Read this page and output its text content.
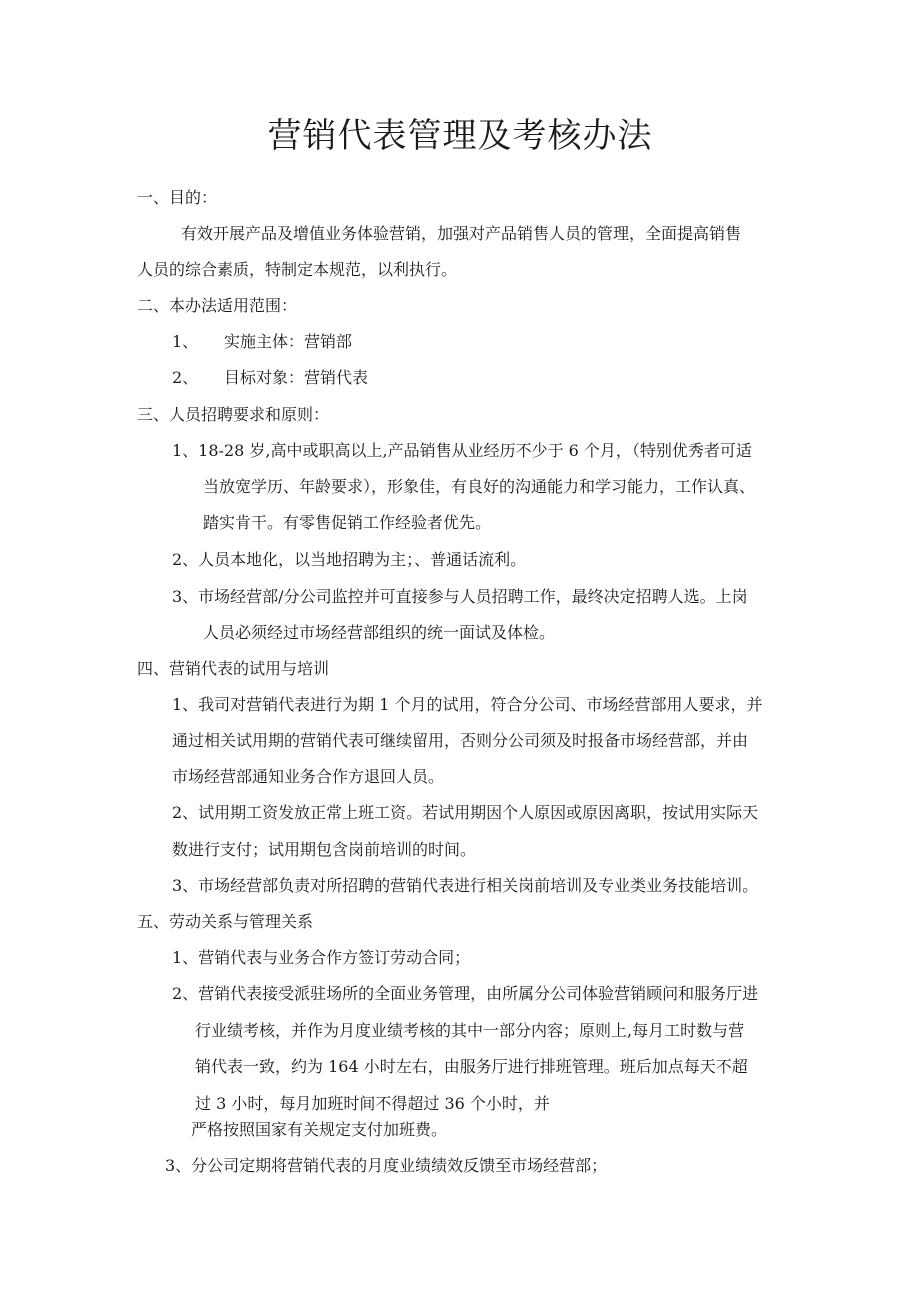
营销代表管理及考核办法
一、目的：
有效开展产品及增值业务体验营销，加强对产品销售人员的管理，全面提高销售
人员的综合素质，特制定本规范，以利执行。
二、本办法适用范围：
1、 实施主体：营销部
2、 目标对象：营销代表
三、人员招聘要求和原则：
1、18-28 岁,高中或职高以上,产品销售从业经历不少于 6 个月，（特别优秀者可适
当放宽学历、年龄要求），形象佳，有良好的沟通能力和学习能力，工作认真、
踏实肯干。有零售促销工作经验者优先。
2、人员本地化，以当地招聘为主；、普通话流利。
3、市场经营部/分公司监控并可直接参与人员招聘工作，最终决定招聘人选。上岗
人员必须经过市场经营部组织的统一面试及体检。
四、营销代表的试用与培训
1、我司对营销代表进行为期 1 个月的试用，符合分公司、市场经营部用人要求，并
通过相关试用期的营销代表可继续留用，否则分公司须及时报备市场经营部，并由
市场经营部通知业务合作方退回人员。
2、试用期工资发放正常上班工资。若试用期因个人原因或原因离职，按试用实际天
数进行支付；试用期包含岗前培训的时间。
3、市场经营部负责对所招聘的营销代表进行相关岗前培训及专业类业务技能培训。
五、劳动关系与管理关系
1、营销代表与业务合作方签订劳动合同；
2、营销代表接受派驻场所的全面业务管理，由所属分公司体验营销顾问和服务厅进
行业绩考核，并作为月度业绩考核的其中一部分内容；原则上,每月工时数与营
销代表一致，约为 164 小时左右，由服务厅进行排班管理。班后加点每天不超
过 3 小时，每月加班时间不得超过 36 个小时，并
严格按照国家有关规定支付加班费。
3、分公司定期将营销代表的月度业绩绩效反馈至市场经营部；
